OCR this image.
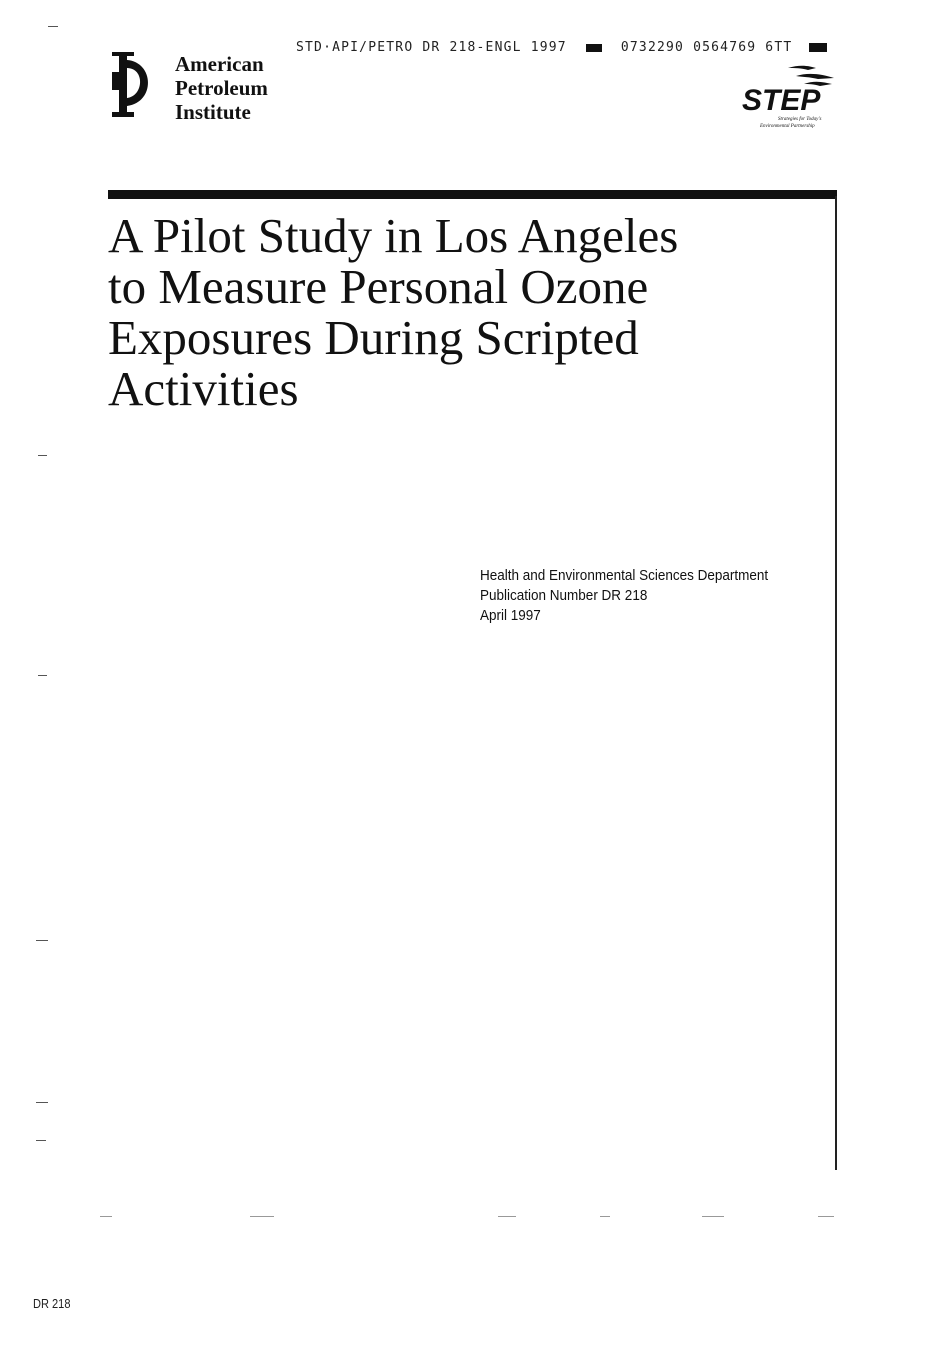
STD·API/PETRO DR 218-ENGL 1997	0732290 0564769 6TT
American
Petroleum
Institute	STEP
Strategies for Today's
Environmental Partnership
A Pilot Study in Los Angeles
to Measure Personal Ozone
Exposures During Scripted
Activities
Health and Environmental Sciences Department
Publication Number DR 218
April 1997
DR 218
